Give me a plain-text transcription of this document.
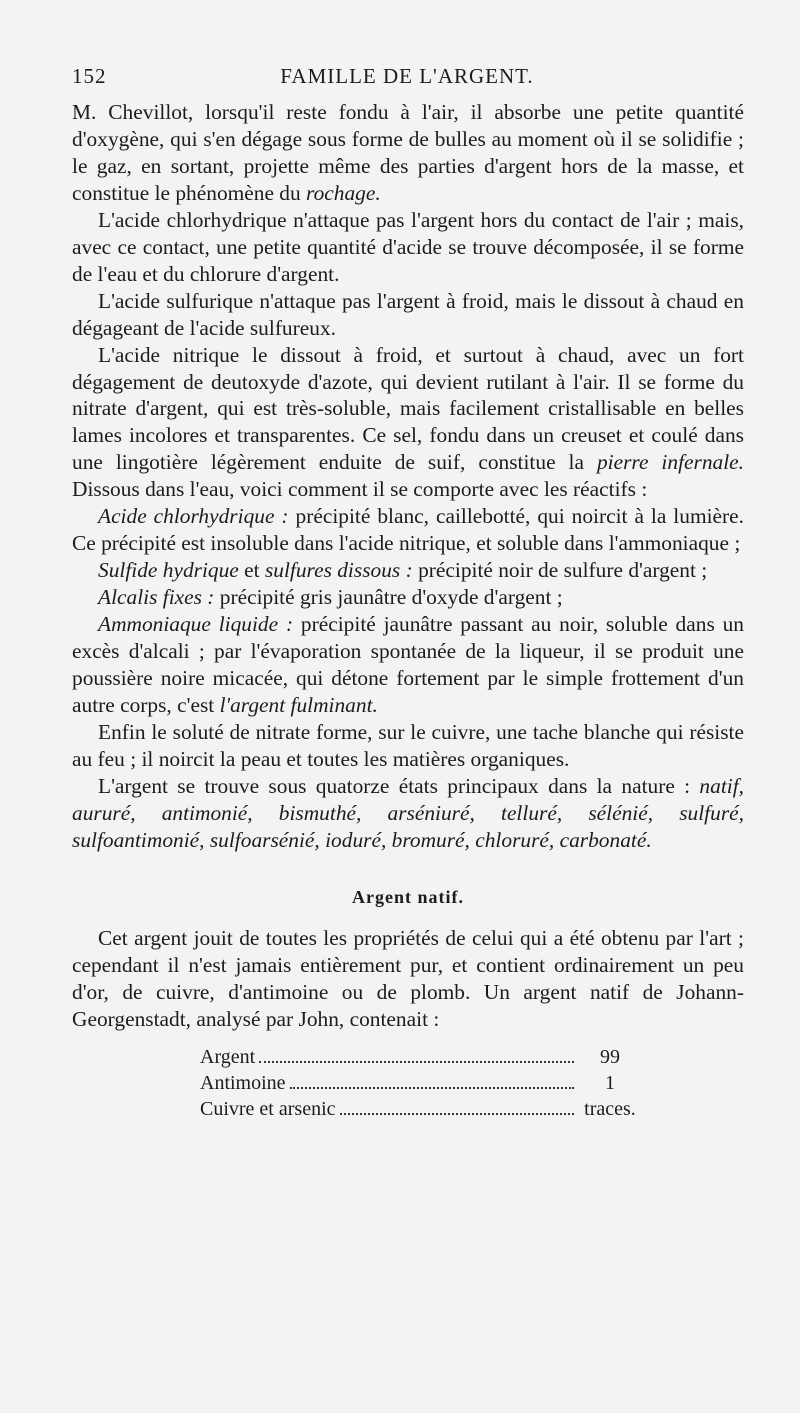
152	FAMILLE DE L'ARGENT.

M. Chevillot, lorsqu'il reste fondu à l'air, il absorbe une petite quantité d'oxygène, qui s'en dégage sous forme de bulles au moment où il se solidifie ; le gaz, en sortant, projette même des parties d'argent hors de la masse, et constitue le phénomène du rochage.

L'acide chlorhydrique n'attaque pas l'argent hors du contact de l'air ; mais, avec ce contact, une petite quantité d'acide se trouve décomposée, il se forme de l'eau et du chlorure d'argent.

L'acide sulfurique n'attaque pas l'argent à froid, mais le dissout à chaud en dégageant de l'acide sulfureux.

L'acide nitrique le dissout à froid, et surtout à chaud, avec un fort dégagement de deutoxyde d'azote, qui devient rutilant à l'air. Il se forme du nitrate d'argent, qui est très-soluble, mais facilement cristallisable en belles lames incolores et transparentes. Ce sel, fondu dans un creuset et coulé dans une lingotière légèrement enduite de suif, constitue la pierre infernale. Dissous dans l'eau, voici comment il se comporte avec les réactifs :

Acide chlorhydrique : précipité blanc, caillebotté, qui noircit à la lumière. Ce précipité est insoluble dans l'acide nitrique, et soluble dans l'ammoniaque ;

Sulfide hydrique et sulfures dissous : précipité noir de sulfure d'argent ;

Alcalis fixes : précipité gris jaunâtre d'oxyde d'argent ;

Ammoniaque liquide : précipité jaunâtre passant au noir, soluble dans un excès d'alcali ; par l'évaporation spontanée de la liqueur, il se produit une poussière noire micacée, qui détone fortement par le simple frottement d'un autre corps, c'est l'argent fulminant.

Enfin le soluté de nitrate forme, sur le cuivre, une tache blanche qui résiste au feu ; il noircit la peau et toutes les matières organiques.

L'argent se trouve sous quatorze états principaux dans la nature : natif, aururé, antimonié, bismuthé, arséniuré, telluré, sélénié, sulfuré, sulfoantimonié, sulfoarsénié, ioduré, bromuré, chloruré, carbonaté.

Argent natif.

Cet argent jouit de toutes les propriétés de celui qui a été obtenu par l'art ; cependant il n'est jamais entièrement pur, et contient ordinairement un peu d'or, de cuivre, d'antimoine ou de plomb. Un argent natif de Johann-Georgenstadt, analysé par John, contenait :

Argent	99
Antimoine	1
Cuivre et arsenic	traces.
